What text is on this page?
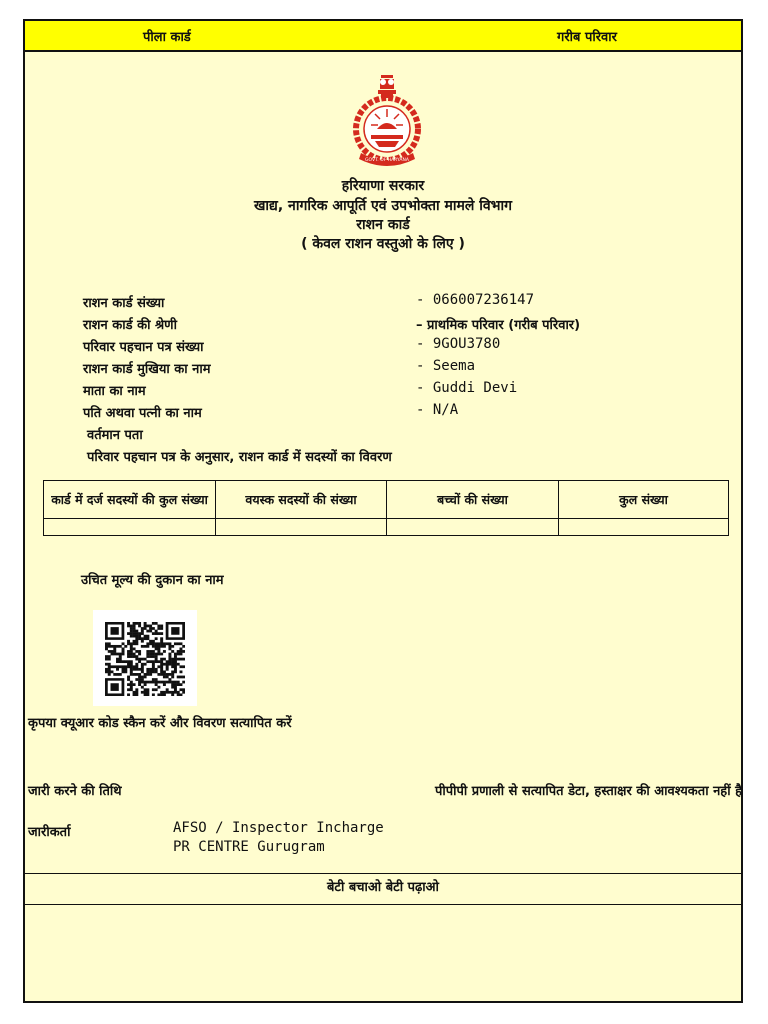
पीला कार्ड	गरीब परिवार
GOVT. OF HARYANA
हरियाणा सरकार
खाद्य, नागरिक आपूर्ति एवं उपभोक्ता मामले विभाग
राशन कार्ड
( केवल राशन वस्तुओ के लिए )
राशन कार्ड संख्या	- 066007236147
राशन कार्ड की श्रेणी	– प्राथमिक परिवार (गरीब परिवार)
परिवार पहचान पत्र संख्या	- 9GOU3780
राशन कार्ड मुखिया का नाम	- Seema
माता का नाम	- Guddi Devi
पति अथवा पत्नी का नाम	- N/A
वर्तमान पता
परिवार पहचान पत्र के अनुसार, राशन कार्ड में सदस्यों का विवरण
कार्ड में दर्ज सदस्यों की कुल संख्या	वयस्क सदस्यों की संख्या	बच्चों की संख्या	कुल संख्या

उचित मूल्य की दुकान का नाम
कृपया क्यूआर कोड स्कैन करें और विवरण सत्यापित करें
जारी करने की तिथि	पीपीपी प्रणाली से सत्यापित डेटा, हस्ताक्षर की आवश्यकता नहीं है
जारीकर्ता	AFSO / Inspector Incharge
PR CENTRE Gurugram
बेटी बचाओ बेटी पढ़ाओ
